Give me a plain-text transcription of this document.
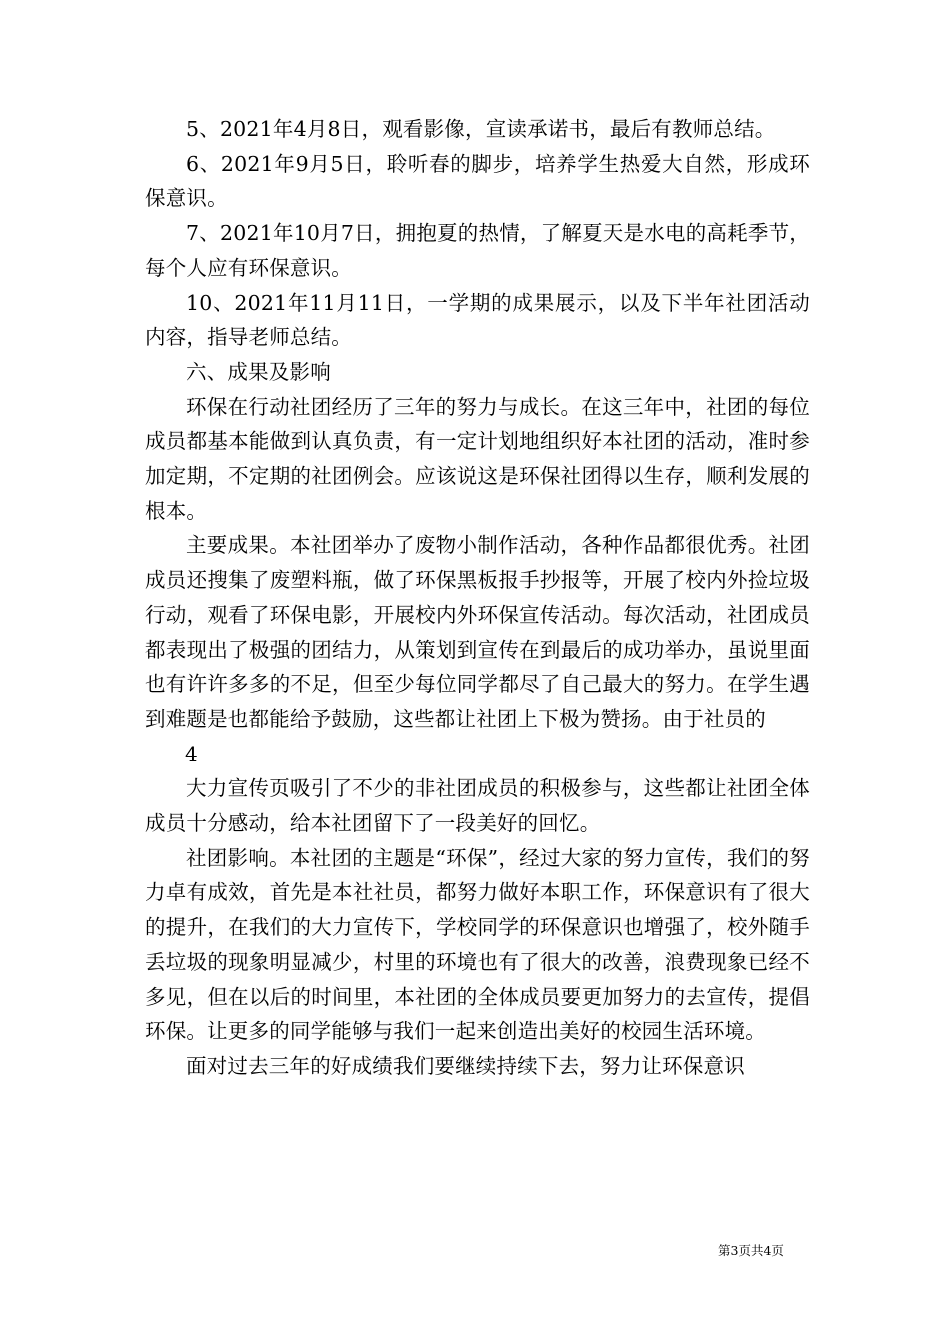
5、2021年4月8日，观看影像，宣读承诺书，最后有教师总结。

6、2021年9月5日，聆听春的脚步，培养学生热爱大自然，形成环保意识。

7、2021年10月7日，拥抱夏的热情，了解夏天是水电的高耗季节，每个人应有环保意识。

10、2021年11月11日，一学期的成果展示，以及下半年社团活动内容，指导老师总结。

六、成果及影响

环保在行动社团经历了三年的努力与成长。在这三年中，社团的每位成员都基本能做到认真负责，有一定计划地组织好本社团的活动，准时参加定期，不定期的社团例会。应该说这是环保社团得以生存，顺利发展的根本。

主要成果。本社团举办了废物小制作活动，各种作品都很优秀。社团成员还搜集了废塑料瓶，做了环保黑板报手抄报等，开展了校内外捡垃圾行动，观看了环保电影，开展校内外环保宣传活动。每次活动，社团成员都表现出了极强的团结力，从策划到宣传在到最后的成功举办，虽说里面也有许许多多的不足，但至少每位同学都尽了自己最大的努力。在学生遇到难题是也都能给予鼓励，这些都让社团上下极为赞扬。由于社员的

4

大力宣传页吸引了不少的非社团成员的积极参与，这些都让社团全体成员十分感动，给本社团留下了一段美好的回忆。

社团影响。本社团的主题是“环保”，经过大家的努力宣传，我们的努力卓有成效，首先是本社社员，都努力做好本职工作，环保意识有了很大的提升，在我们的大力宣传下，学校同学的环保意识也增强了，校外随手丢垃圾的现象明显减少，村里的环境也有了很大的改善，浪费现象已经不多见，但在以后的时间里，本社团的全体成员要更加努力的去宣传，提倡环保。让更多的同学能够与我们一起来创造出美好的校园生活环境。

面对过去三年的好成绩我们要继续持续下去，努力让环保意识

第3页共4页
